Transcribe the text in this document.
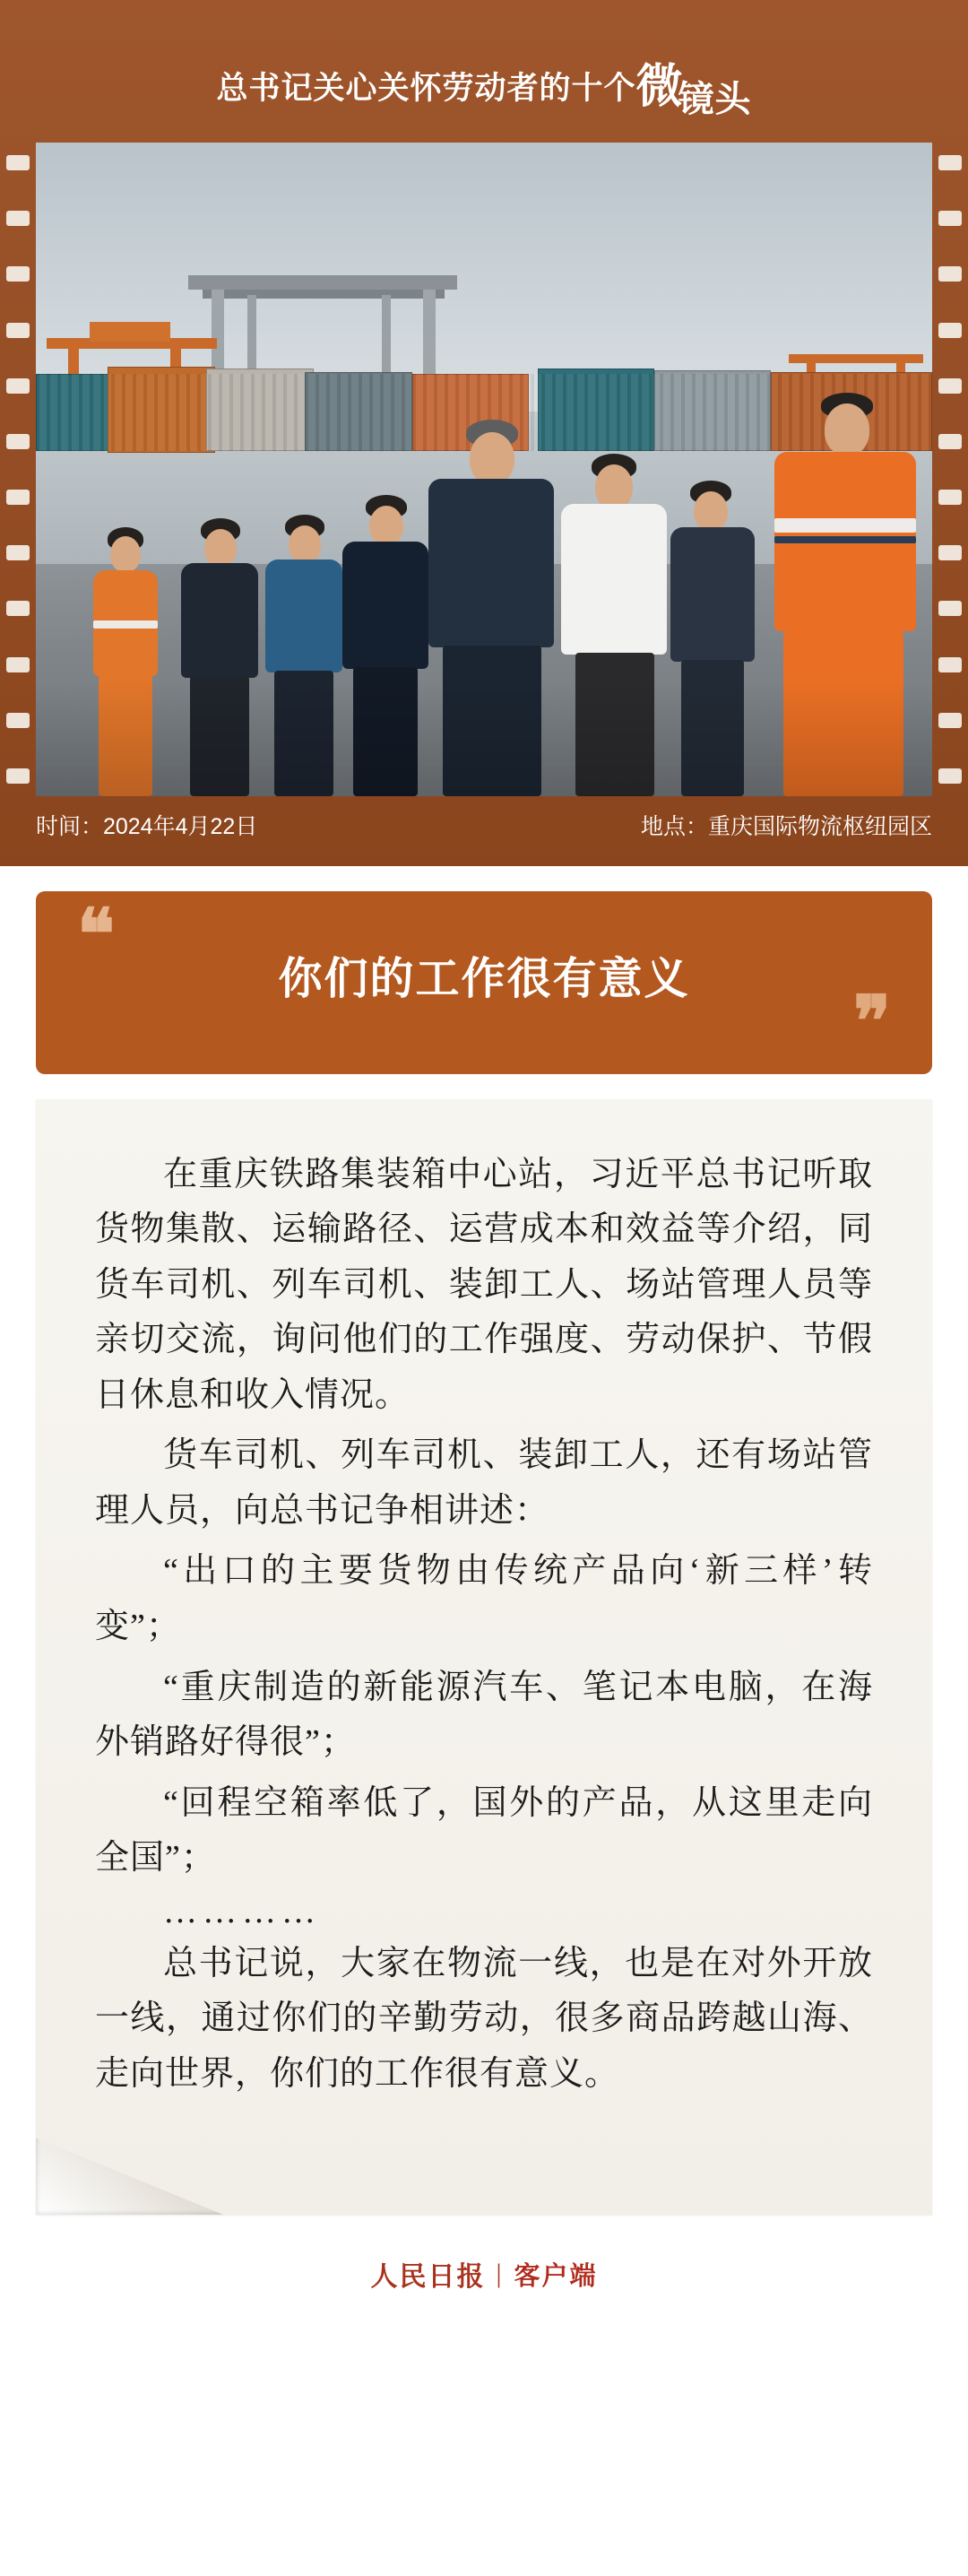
总书记关心关怀劳动者的十个微镜头
时间：2024年4月22日	地点：重庆国际物流枢纽园区
❝
你们的工作很有意义
❞

在重庆铁路集装箱中心站，习近平总书记听取货物集散、运输路径、运营成本和效益等介绍，同货车司机、列车司机、装卸工人、场站管理人员等亲切交流，询问他们的工作强度、劳动保护、节假日休息和收入情况。

货车司机、列车司机、装卸工人，还有场站管理人员，向总书记争相讲述：

“出口的主要货物由传统产品向‘新三样’转变”；

“重庆制造的新能源汽车、笔记本电脑，在海外销路好得很”；

“回程空箱率低了，国外的产品，从这里走向全国”；

…………

总书记说，大家在物流一线，也是在对外开放一线，通过你们的辛勤劳动，很多商品跨越山海、走向世界，你们的工作很有意义。

人民日报 | 客户端
